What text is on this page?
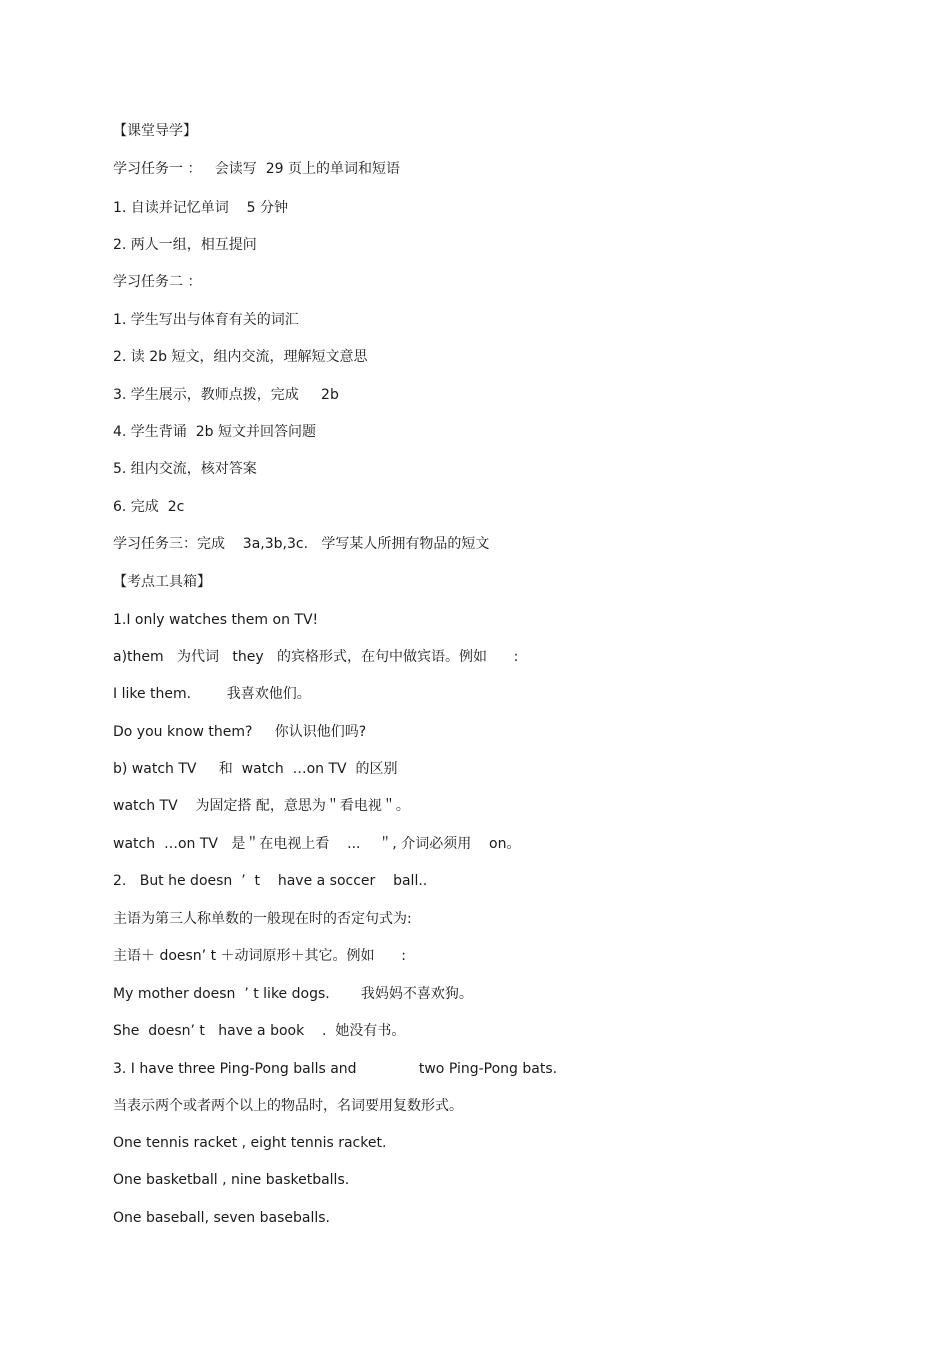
【课堂导学】

学习任务一 ：   会读写  29 页上的单词和短语

1. 自读并记忆单词    5 分钟

2. 两人一组，相互提问

学习任务二 ：

1. 学生写出与体育有关的词汇

2. 读 2b 短文，组内交流，理解短文意思

3. 学生展示，教师点拨，完成     2b

4. 学生背诵  2b 短文并回答问题

5. 组内交流，核对答案

6. 完成  2c

学习任务三：完成    3a,3b,3c.   学写某人所拥有物品的短文

【考点工具箱】

1.I only watches them on TV!

a)them   为代词   they   的宾格形式，在句中做宾语。例如      :

I like them.        我喜欢他们。

Do you know them?     你认识他们吗?

b) watch TV     和  watch  …on TV  的区别

watch TV    为固定搭 配，意思为＂看电视＂。

watch  …on TV   是＂在电视上看    ...    ＂, 介词必须用    on。

2.   But he doesn  ’  t    have a soccer    ball..

主语为第三人称单数的一般现在时的否定句式为:

主语＋ doesn’ t ＋动词原形＋其它。例如      :

My mother doesn  ’ t like dogs.       我妈妈不喜欢狗。

She  doesn’ t   have a book    .  她没有书。

3. I have three Ping-Pong balls and              two Ping-Pong bats.

当表示两个或者两个以上的物品时，名词要用复数形式。

One tennis racket , eight tennis racket.

One basketball , nine basketballs.

One baseball, seven baseballs.
